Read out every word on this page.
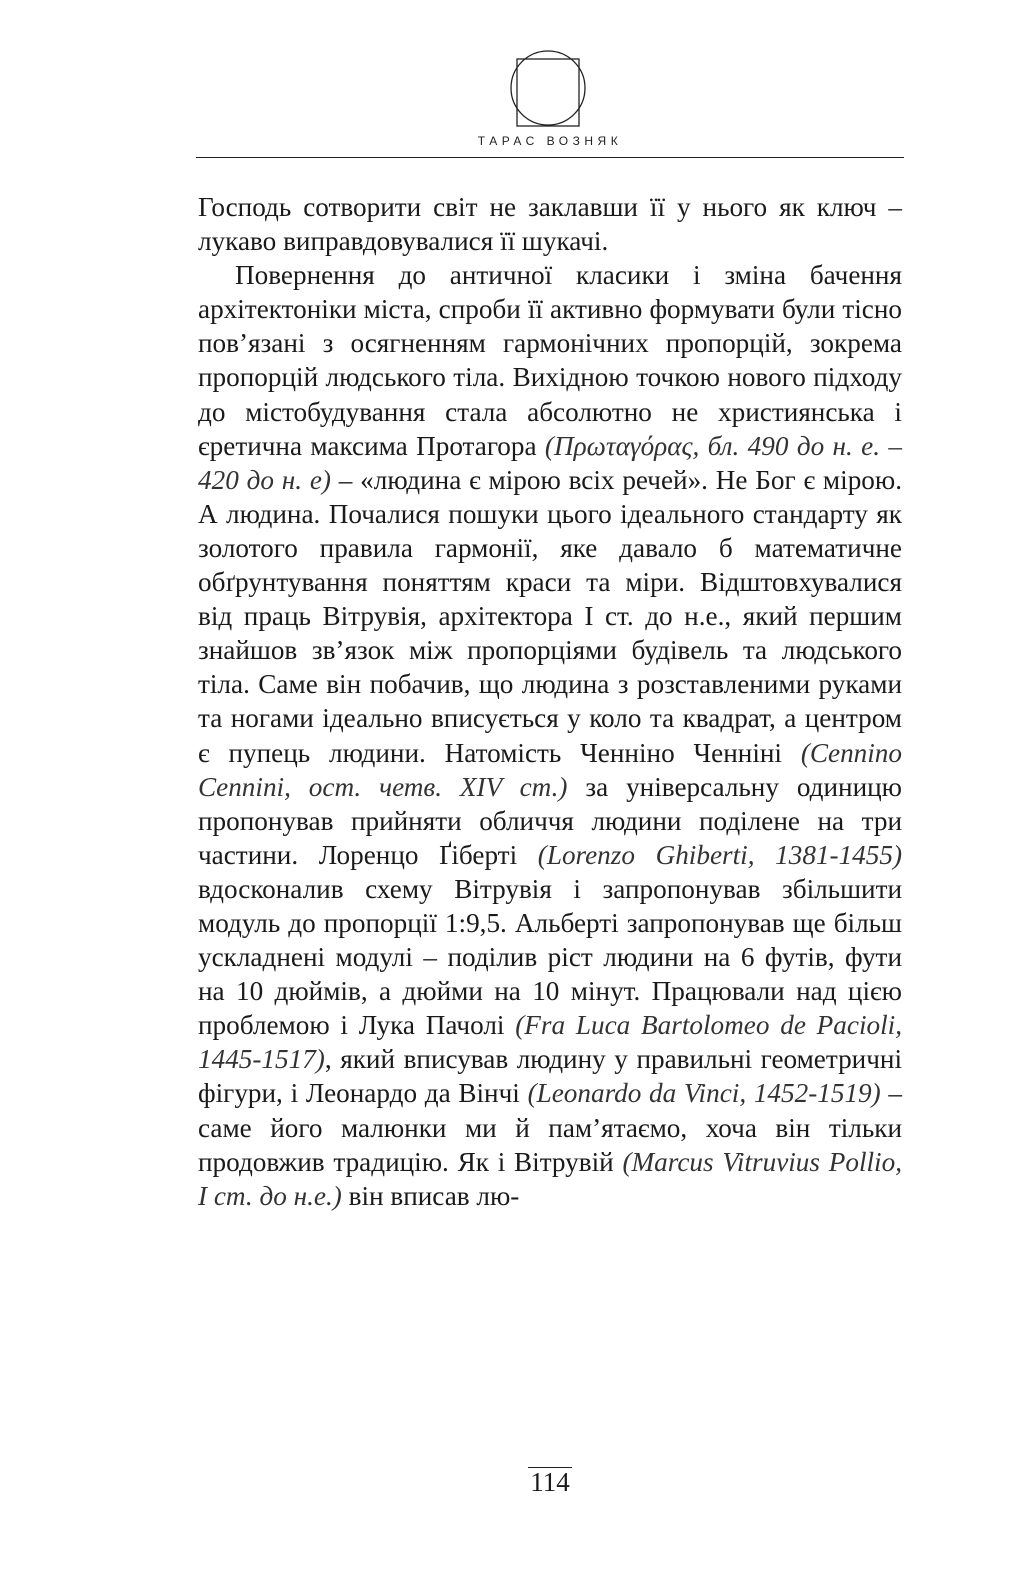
ТАРАС ВОЗНЯК

Господь сотворити світ не заклавши її у нього як ключ – лукаво виправдовувалися її шукачі.

Повернення до античної класики і зміна бачення архітектоніки міста, спроби її активно формувати були тісно пов’язані з осягненням гармонічних пропорцій, зокрема пропорцій людського тіла. Вихідною точкою нового підходу до містобудування стала абсолютно не християнська і єретична максима Протагора (Πρωταγόρας, бл. 490 до н. е. – 420 до н. е) – «людина є мірою всіх речей». Не Бог є мірою. А людина. Почалися пошуки цього ідеального стандарту як золотого правила гармонії, яке давало б математичне обґрунтування поняттям краси та міри. Відштовхувалися від праць Вітрувія, архітектора I ст. до н.е., який першим знайшов зв’язок між пропорціями будівель та людського тіла. Саме він побачив, що людина з розставленими руками та ногами ідеально вписується у коло та квадрат, а центром є пупець людини. Натомість Ченніно Ченніні (Cennino Cennini, ост. четв. XIV ст.) за універсальну одиницю пропонував прийняти обличчя людини поділене на три частини. Лоренцо Ґіберті (Lorenzo Ghiberti, 1381-1455) вдосконалив схему Вітрувія і запропонував збільшити модуль до пропорції 1:9,5. Альберті запропонував ще більш ускладнені модулі – поділив ріст людини на 6 футів, фути на 10 дюймів, а дюйми на 10 мінут. Працювали над цією проблемою і Лука Пачолі (Fra Luca Bartolomeo de Pacioli, 1445-1517), який вписував людину у правильні геометричні фігури, і Леонардо да Вінчі (Leonardo da Vinci, 1452-1519) – саме його малюнки ми й пам’ятаємо, хоча він тільки продовжив традицію. Як і Вітрувій (Marcus Vitruvius Pollio, I ст. до н.е.) він вписав лю-

114
